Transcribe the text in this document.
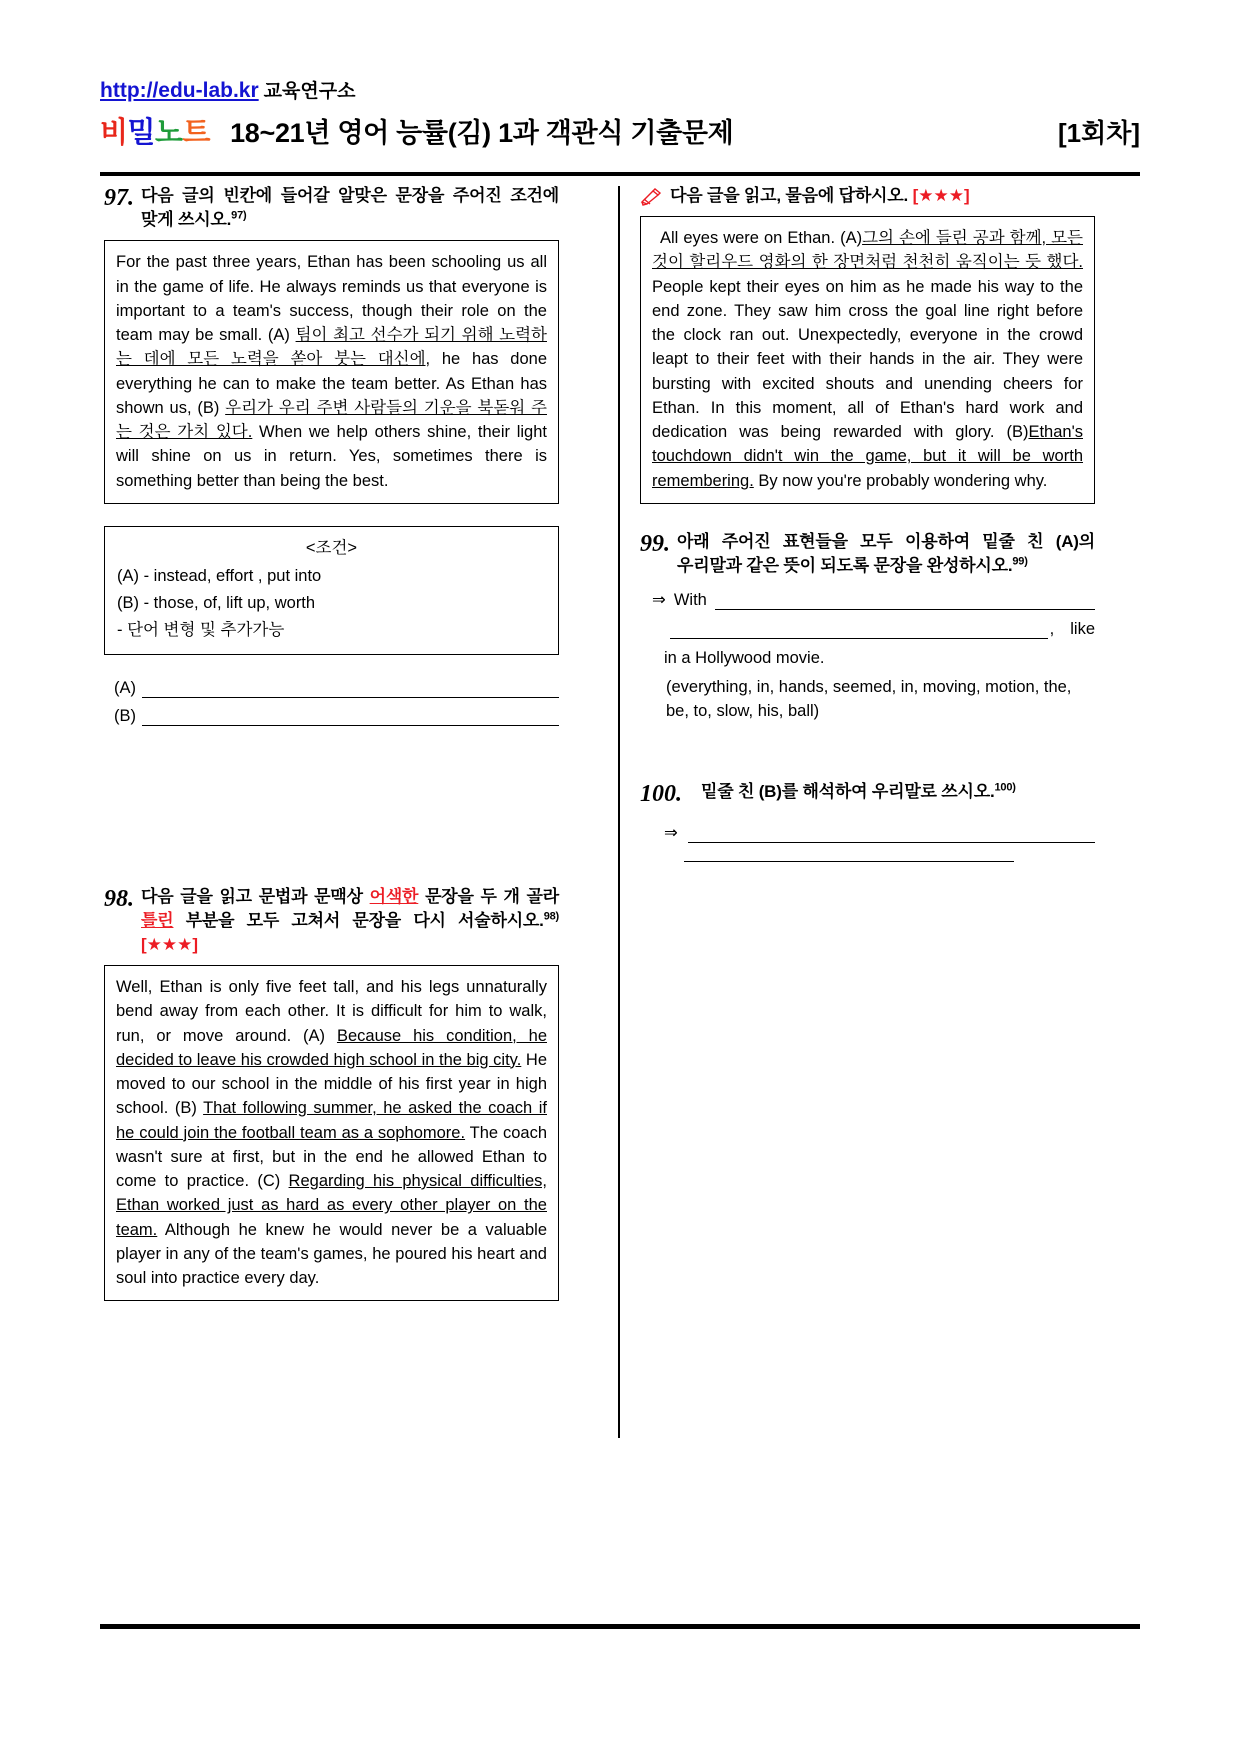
http://edu-lab.kr 교육연구소
비밀노트 18~21년 영어 능률(김) 1과 객관식 기출문제	[1회차]
97. 다음 글의 빈칸에 들어갈 알맞은 문장을 주어진 조건에 맞게 쓰시오.$^{97)}$
For the past three years, Ethan has been schooling us all in the game of life. He always reminds us that everyone is important to a team's success, though their role on the team may be small. (A) 팀이 최고 선수가 되기 위해 노력하는 데에 모든 노력을 쏟아 붓는 대신에, he has done everything he can to make the team better. As Ethan has shown us, (B) 우리가 우리 주변 사람들의 기운을 북돋워 주는 것은 가치 있다. When we help others shine, their light will shine on us in return. Yes, sometimes there is something better than being the best.
<조건>
(A) - instead, effort , put into
(B) - those, of, lift up, worth
- 단어 변형 및 추가가능
(A)
(B)
98. 다음 글을 읽고 문법과 문맥상 어색한 문장을 두 개 골라 틀린 부분을 모두 고쳐서 문장을 다시 서술하시오.$^{98)}$ [★★★]
Well, Ethan is only five feet tall, and his legs unnaturally bend away from each other. It is difficult for him to walk, run, or move around. (A) Because his condition, he decided to leave his crowded high school in the big city. He moved to our school in the middle of his first year in high school. (B) That following summer, he asked the coach if he could join the football team as a sophomore. The coach wasn't sure at first, but in the end he allowed Ethan to come to practice. (C) Regarding his physical difficulties, Ethan worked just as hard as every other player on the team. Although he knew he would never be a valuable player in any of the team's games, he poured his heart and soul into practice every day.
다음 글을 읽고, 물음에 답하시오. [★★★]
All eyes were on Ethan. (A)그의 손에 들린 공과 함께, 모든 것이 할리우드 영화의 한 장면처럼 천천히 움직이는 듯 했다. People kept their eyes on him as he made his way to the end zone. They saw him cross the goal line right before the clock ran out. Unexpectedly, everyone in the crowd leapt to their feet with their hands in the air. They were bursting with excited shouts and unending cheers for Ethan. In this moment, all of Ethan's hard work and dedication was being rewarded with glory. (B)Ethan's touchdown didn't win the game, but it will be worth remembering. By now you're probably wondering why.
99. 아래 주어진 표현들을 모두 이용하여 밑줄 친 (A)의 우리말과 같은 뜻이 되도록 문장을 완성하시오.$^{99)}$
⇒ With
, like
in a Hollywood movie.
(everything, in, hands, seemed, in, moving, motion, the, be, to, slow, his, ball)
100.	밑줄 친 (B)를 해석하여 우리말로 쓰시오.$^{100)}$
⇒
